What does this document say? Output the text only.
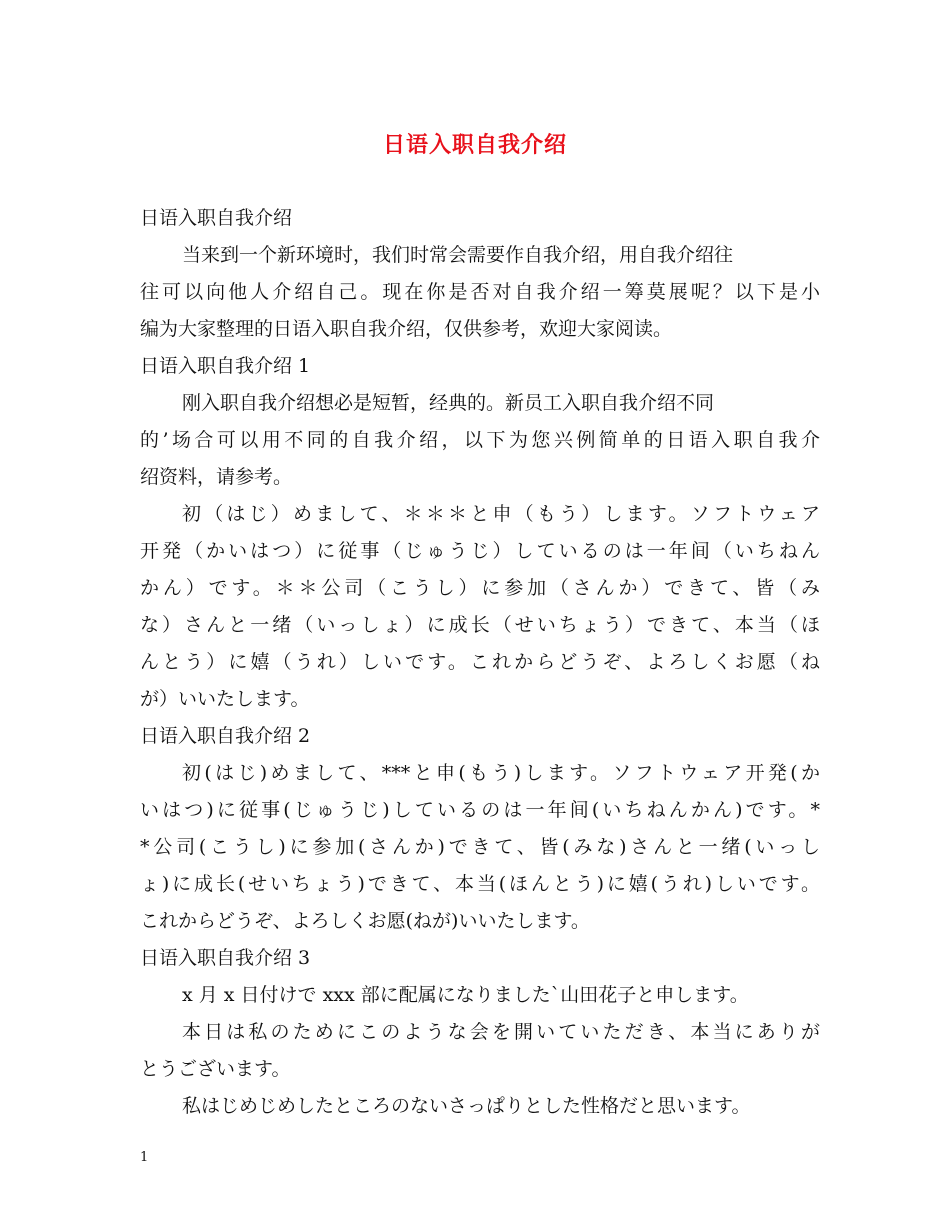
日语入职自我介绍
日语入职自我介绍
当来到一个新环境时，我们时常会需要作自我介绍，用自我介绍往
往可以向他人介绍自己。现在你是否对自我介绍一筹莫展呢？以下是小
编为大家整理的日语入职自我介绍，仅供参考，欢迎大家阅读。
日语入职自我介绍 1
刚入职自我介绍想必是短暂，经典的。新员工入职自我介绍不同
的’场合可以用不同的自我介绍，以下为您兴例简单的日语入职自我介
绍资料，请参考。
初（はじ）めまして、＊＊＊と申（もう）します。ソフトウェア
开発（かいはつ）に従事（じゅうじ）しているのは一年间（いちねん
かん）です。＊＊公司（こうし）に参加（さんか）できて、皆（み
な）さんと一绪（いっしょ）に成长（せいちょう）できて、本当（ほ
んとう）に嬉（うれ）しいです。これからどうぞ、よろしくお愿（ね
が）いいたします。
日语入职自我介绍 2
初(はじ)めまして、***と申(もう)します。ソフトウェア开発(か
いはつ)に従事(じゅうじ)しているのは一年间(いちねんかん)です。*
*公司(こうし)に参加(さんか)できて、皆(みな)さんと一绪(いっし
ょ)に成长(せいちょう)できて、本当(ほんとう)に嬉(うれ)しいです。
これからどうぞ、よろしくお愿(ねが)いいたします。
日语入职自我介绍 3
x 月 x 日付けで xxx 部に配属になりました`山田花子と申します。
本日は私のためにこのような会を開いていただき、本当にありが
とうございます。
私はじめじめしたところのないさっぱりとした性格だと思います。
1
